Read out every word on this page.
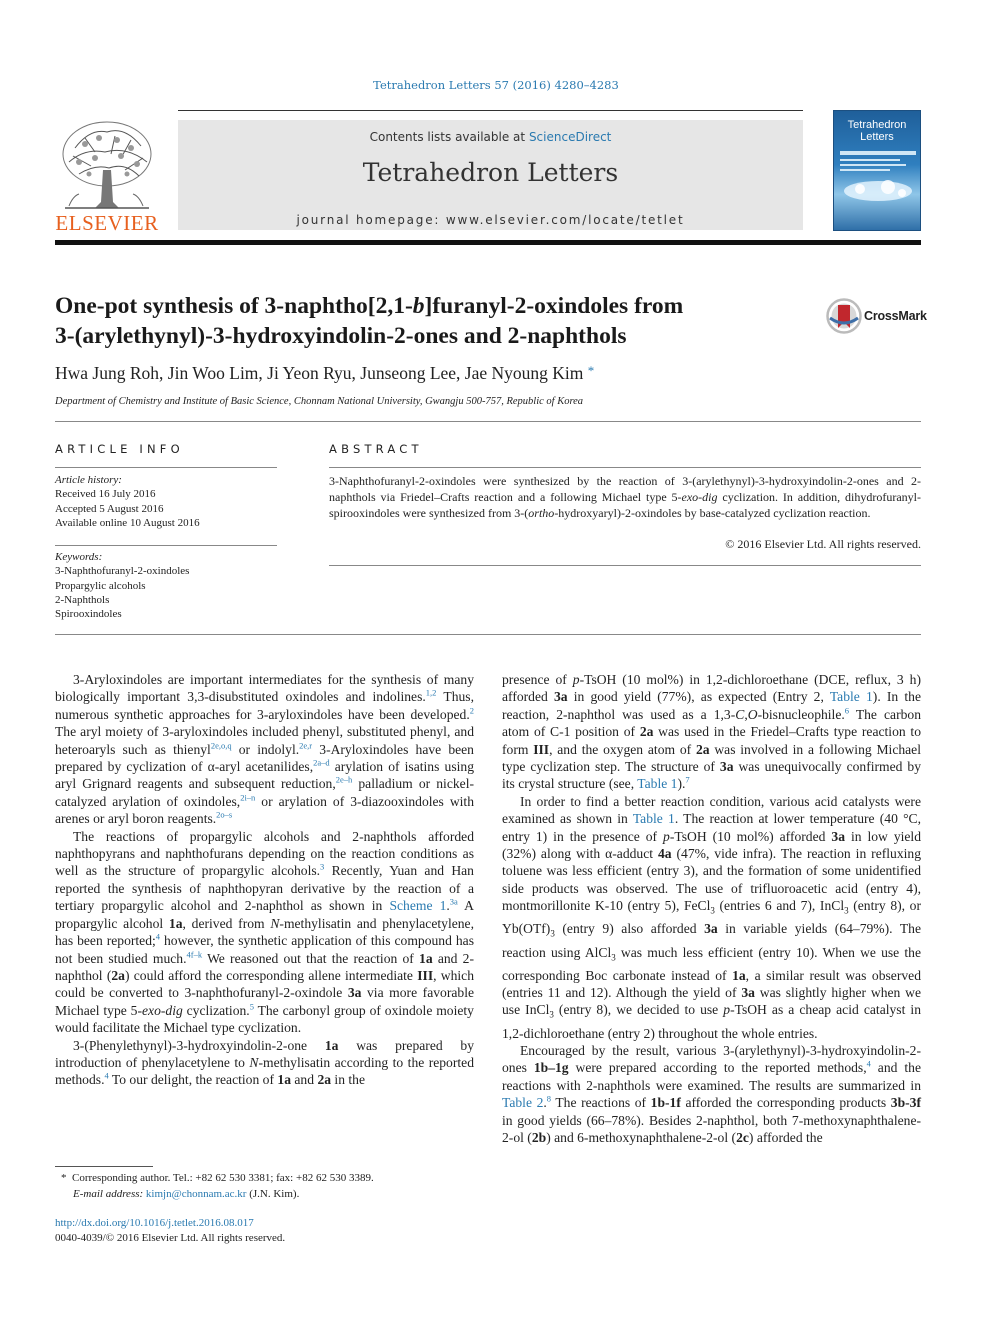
Tetrahedron Letters 57 (2016) 4280–4283
ELSEVIER
Contents lists available at ScienceDirect
Tetrahedron Letters
journal homepage: www.elsevier.com/locate/tetlet
Tetrahedron
Letters
One-pot synthesis of 3-naphtho[2,1-b]furanyl-2-oxindoles from
3-(arylethynyl)-3-hydroxyindolin-2-ones and 2-naphthols
CrossMark
Hwa Jung Roh, Jin Woo Lim, Ji Yeon Ryu, Junseong Lee, Jae Nyoung Kim *
Department of Chemistry and Institute of Basic Science, Chonnam National University, Gwangju 500-757, Republic of Korea
ARTICLE INFO
Article history:
Received 16 July 2016
Accepted 5 August 2016
Available online 10 August 2016
Keywords:
3-Naphthofuranyl-2-oxindoles
Propargylic alcohols
2-Naphthols
Spirooxindoles
ABSTRACT
3-Naphthofuranyl-2-oxindoles were synthesized by the reaction of 3-(arylethynyl)-3-hydroxyindolin-2-ones and 2-naphthols via Friedel–Crafts reaction and a following Michael type 5-exo-dig cyclization. In addition, dihydrofuranyl-spirooxindoles were synthesized from 3-(ortho-hydroxyaryl)-2-oxindoles by base-catalyzed cyclization reaction.
© 2016 Elsevier Ltd. All rights reserved.

3-Aryloxindoles are important intermediates for the synthesis of many biologically important 3,3-disubstituted oxindoles and indolines.$^{1,2}$ Thus, numerous synthetic approaches for 3-aryloxindoles have been developed.$^2$ The aryl moiety of 3-aryloxindoles included phenyl, substituted phenyl, and heteroaryls such as thienyl$^{2e,o,q}$ or indolyl.$^{2e,r}$ 3-Aryloxindoles have been prepared by cyclization of α-aryl acetanilides,$^{2a-d}$ arylation of isatins using aryl Grignard reagents and subsequent reduction,$^{2e-h}$ palladium or nickel-catalyzed arylation of oxindoles,$^{2i-n}$ or arylation of 3-diazooxindoles with arenes or aryl boron reagents.$^{2o-s}$

The reactions of propargylic alcohols and 2-naphthols afforded naphthopyrans and naphthofurans depending on the reaction conditions as well as the structure of propargylic alcohols.$^3$ Recently, Yuan and Han reported the synthesis of naphthopyran derivative by the reaction of a tertiary propargylic alcohol and 2-naphthol as shown in Scheme 1.$^{3a}$ A propargylic alcohol 1a, derived from N-methylisatin and phenylacetylene, has been reported;$^4$ however, the synthetic application of this compound has not been studied much.$^{4f-k}$ We reasoned out that the reaction of 1a and 2-naphthol (2a) could afford the corresponding allene intermediate III, which could be converted to 3-naphthofuranyl-2-oxindole 3a via more favorable Michael type 5-exo-dig cyclization.$^5$ The carbonyl group of oxindole moiety would facilitate the Michael type cyclization.

3-(Phenylethynyl)-3-hydroxyindolin-2-one 1a was prepared by introduction of phenylacetylene to N-methylisatin according to the reported methods.$^4$ To our delight, the reaction of 1a and 2a in the

presence of p-TsOH (10 mol%) in 1,2-dichloroethane (DCE, reflux, 3 h) afforded 3a in good yield (77%), as expected (Entry 2, Table 1). In the reaction, 2-naphthol was used as a 1,3-C,O-bisnucleophile.$^6$ The carbon atom of C-1 position of 2a was used in the Friedel–Crafts type reaction to form III, and the oxygen atom of 2a was involved in a following Michael type cyclization step. The structure of 3a was unequivocally confirmed by its crystal structure (see, Table 1).$^7$

In order to find a better reaction condition, various acid catalysts were examined as shown in Table 1. The reaction at lower temperature (40 °C, entry 1) in the presence of p-TsOH (10 mol%) afforded 3a in low yield (32%) along with α-adduct 4a (47%, vide infra). The reaction in refluxing toluene was less efficient (entry 3), and the formation of some unidentified side products was observed. The use of trifluoroacetic acid (entry 4), montmorillonite K-10 (entry 5), FeCl$_3$ (entries 6 and 7), InCl$_3$ (entry 8), or $Yb(OTf)_3$ (entry 9) also afforded 3a in variable yields (64–79%). The reaction using AlCl$_3$ was much less efficient (entry 10). When we use the corresponding Boc carbonate instead of 1a, a similar result was observed (entries 11 and 12). Although the yield of 3a was slightly higher when we use InCl$_3$ (entry 8), we decided to use p-TsOH as a cheap acid catalyst in 1,2-dichloroethane (entry 2) throughout the whole entries.

Encouraged by the result, various 3-(arylethynyl)-3-hydroxyindolin-2-ones 1b–1g were prepared according to the reported methods,$^4$ and the reactions with 2-naphthols were examined. The results are summarized in Table 2.$^8$ The reactions of 1b-1f afforded the corresponding products 3b-3f in good yields (66–78%). Besides 2-naphthol, both 7-methoxynaphthalene-2-ol (2b) and 6-methoxynaphthalene-2-ol (2c) afforded the

* Corresponding author. Tel.: +82 62 530 3381; fax: +82 62 530 3389.
E-mail address: kimjn@chonnam.ac.kr (J.N. Kim).
http://dx.doi.org/10.1016/j.tetlet.2016.08.017
0040-4039/© 2016 Elsevier Ltd. All rights reserved.
